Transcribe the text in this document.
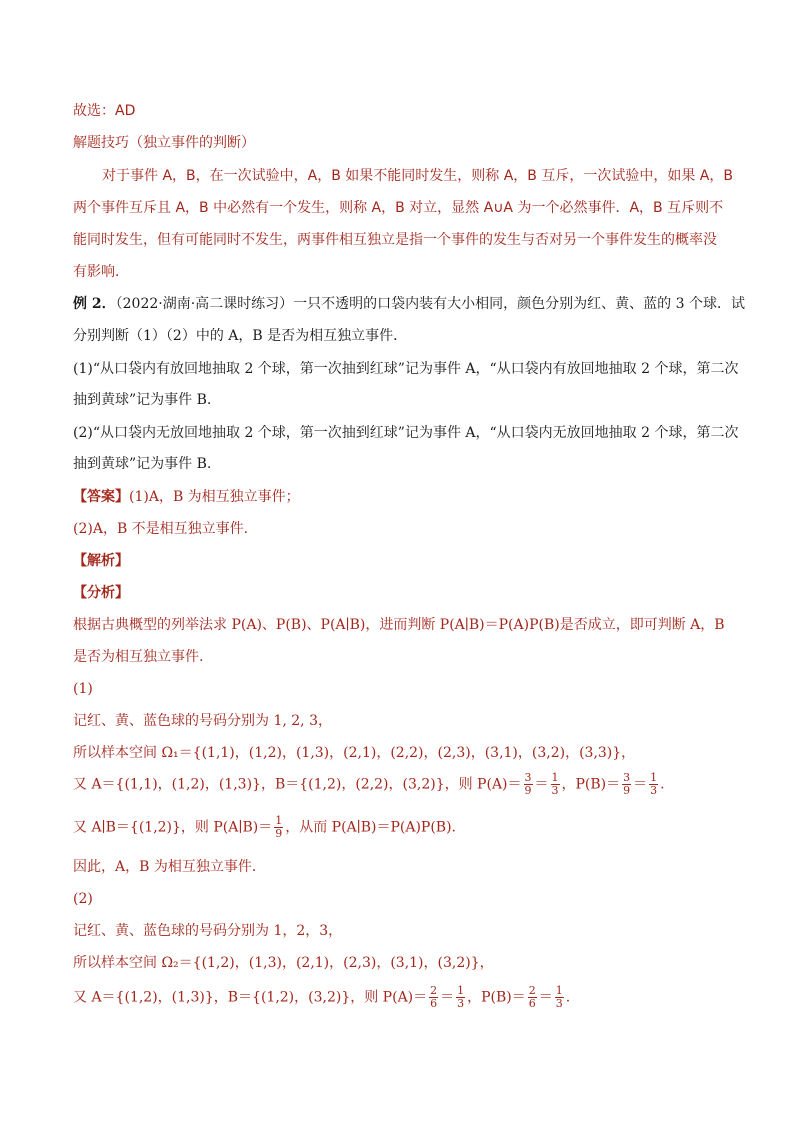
故选：AD
解题技巧（独立事件的判断）
对于事件 A，B，在一次试验中，A，B 如果不能同时发生，则称 A，B 互斥，一次试验中，如果 A，B
两个事件互斥且 A，B 中必然有一个发生，则称 A，B 对立，显然 A∪A 为一个必然事件．A，B 互斥则不
能同时发生，但有可能同时不发生，两事件相互独立是指一个事件的发生与否对另一个事件发生的概率没
有影响．
例 2．（2022·湖南·高二课时练习）一只不透明的口袋内装有大小相同，颜色分别为红、黄、蓝的 3 个球．试
分别判断（1）（2）中的 A，B 是否为相互独立事件．
(1)“从口袋内有放回地抽取 2 个球，第一次抽到红球”记为事件 A，“从口袋内有放回地抽取 2 个球，第二次
抽到黄球”记为事件 B.
(2)“从口袋内无放回地抽取 2 个球，第一次抽到红球”记为事件 A，“从口袋内无放回地抽取 2 个球，第二次
抽到黄球”记为事件 B.
【答案】(1)A，B 为相互独立事件；
(2)A，B 不是相互独立事件.
【解析】
【分析】
根据古典概型的列举法求 P(A)、P(B)、P(A∣B)，进而判断 P(A∣B)＝P(A)P(B)是否成立，即可判断 A，B
是否为相互独立事件.
(1)
记红、黄、蓝色球的号码分别为 1, 2, 3，
所以样本空间 Ω₁＝{(1,1)，(1,2)，(1,3)，(2,1)，(2,2)，(2,3)，(3,1)，(3,2)，(3,3)}，
又 A＝{(1,1)，(1,2)，(1,3)}，B＝{(1,2)，(2,2)，(3,2)}，则 $P(A)= \frac{3}{9} = \frac{1}{3}$ ，$P(B)= \frac{3}{9} = \frac{1}{3}$ .
又 A∣B＝{(1,2)}，则 P(A∣B)＝ $\frac{1}{9}$ ，从而 P(A∣B)＝P(A)P(B).
因此，A，B 为相互独立事件．
(2)
记红、黄、蓝色球的号码分别为 1，2，3，
所以样本空间 Ω₂＝{(1,2)，(1,3)，(2,1)，(2,3)，(3,1)，(3,2)}，
又 A＝{(1,2)，(1,3)}，B＝{(1,2)，(3,2)}，则 $P(A)= \frac{2}{6} = \frac{1}{3}$ ，$P(B)= \frac{2}{6} = \frac{1}{3}$ .
